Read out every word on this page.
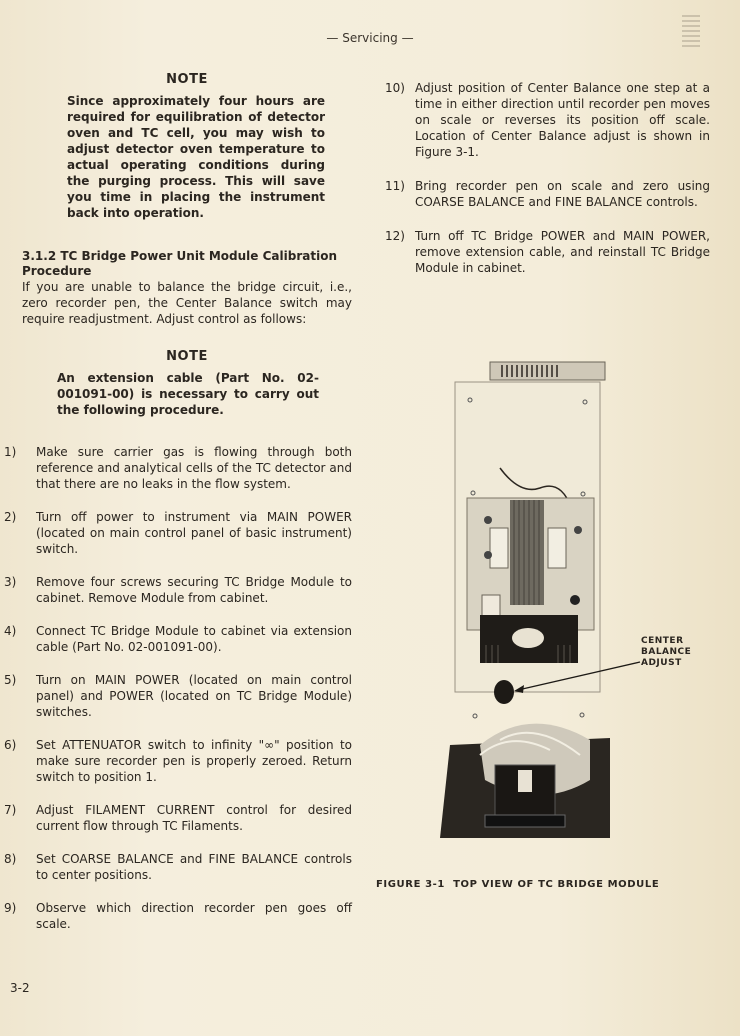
— Servicing —
NOTE
Since approximately four hours are required for equilibration of detector oven and TC cell, you may wish to adjust detector oven temperature to actual operating conditions during the purging process. This will save you time in placing the instrument back into operation.
3.1.2 TC Bridge Power Unit Module Calibration Procedure
If you are unable to balance the bridge circuit, i.e., zero recorder pen, the Center Balance switch may require readjustment. Adjust control as follows:
NOTE
An extension cable (Part No. 02-001091-00) is necessary to carry out the following procedure.
1)	Make sure carrier gas is flowing through both reference and analytical cells of the TC detector and that there are no leaks in the flow system.
2)	Turn off power to instrument via MAIN POWER (located on main control panel of basic instrument) switch.
3)	Remove four screws securing TC Bridge Module to cabinet. Remove Module from cabinet.
4)	Connect TC Bridge Module to cabinet via extension cable (Part No. 02-001091-00).
5)	Turn on MAIN POWER (located on main control panel) and POWER (located on TC Bridge Module) switches.
6)	Set ATTENUATOR switch to infinity "∞" position to make sure recorder pen is properly zeroed. Return switch to position 1.
7)	Adjust FILAMENT CURRENT control for desired current flow through TC Filaments.
8)	Set COARSE BALANCE and FINE BALANCE controls to center positions.
9)	Observe which direction recorder pen goes off scale.
10) Adjust position of Center Balance one step at a time in either direction until recorder pen moves on scale or reverses its position off scale. Location of Center Balance adjust is shown in Figure 3-1.
11) Bring recorder pen on scale and zero using COARSE BALANCE and FINE BALANCE controls.
12) Turn off TC Bridge POWER and MAIN POWER, remove extension cable, and reinstall TC Bridge Module in cabinet.
CENTER
BALANCE
ADJUST
FIGURE 3-1  TOP VIEW OF TC BRIDGE MODULE
3-2
